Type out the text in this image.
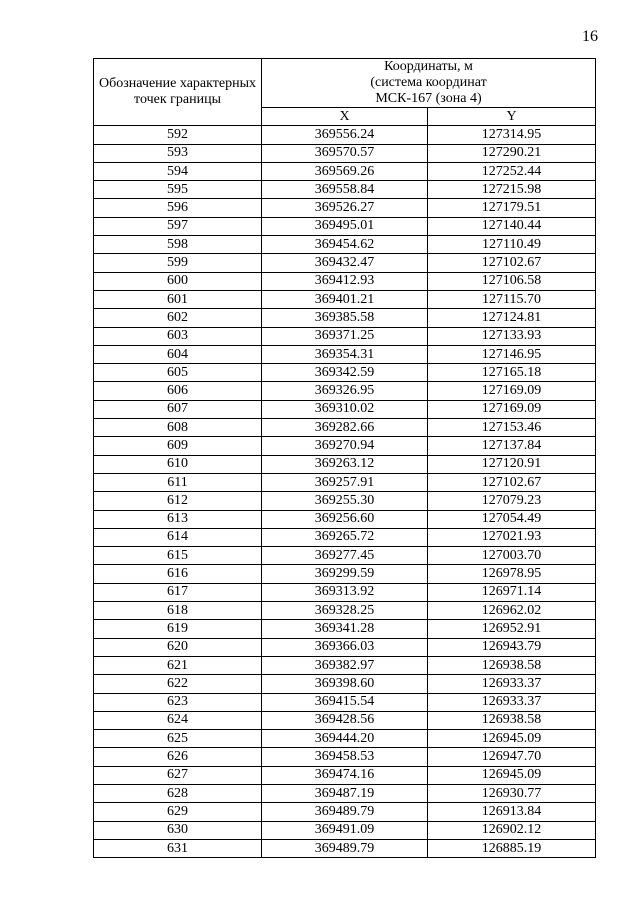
16
Обозначение характерных точек границы	Координаты, м
(система координат
МСК-167 (зона 4)	
	X	Y
592	369556.24	127314.95
593	369570.57	127290.21
594	369569.26	127252.44
595	369558.84	127215.98
596	369526.27	127179.51
597	369495.01	127140.44
598	369454.62	127110.49
599	369432.47	127102.67
600	369412.93	127106.58
601	369401.21	127115.70
602	369385.58	127124.81
603	369371.25	127133.93
604	369354.31	127146.95
605	369342.59	127165.18
606	369326.95	127169.09
607	369310.02	127169.09
608	369282.66	127153.46
609	369270.94	127137.84
610	369263.12	127120.91
611	369257.91	127102.67
612	369255.30	127079.23
613	369256.60	127054.49
614	369265.72	127021.93
615	369277.45	127003.70
616	369299.59	126978.95
617	369313.92	126971.14
618	369328.25	126962.02
619	369341.28	126952.91
620	369366.03	126943.79
621	369382.97	126938.58
622	369398.60	126933.37
623	369415.54	126933.37
624	369428.56	126938.58
625	369444.20	126945.09
626	369458.53	126947.70
627	369474.16	126945.09
628	369487.19	126930.77
629	369489.79	126913.84
630	369491.09	126902.12
631	369489.79	126885.19
